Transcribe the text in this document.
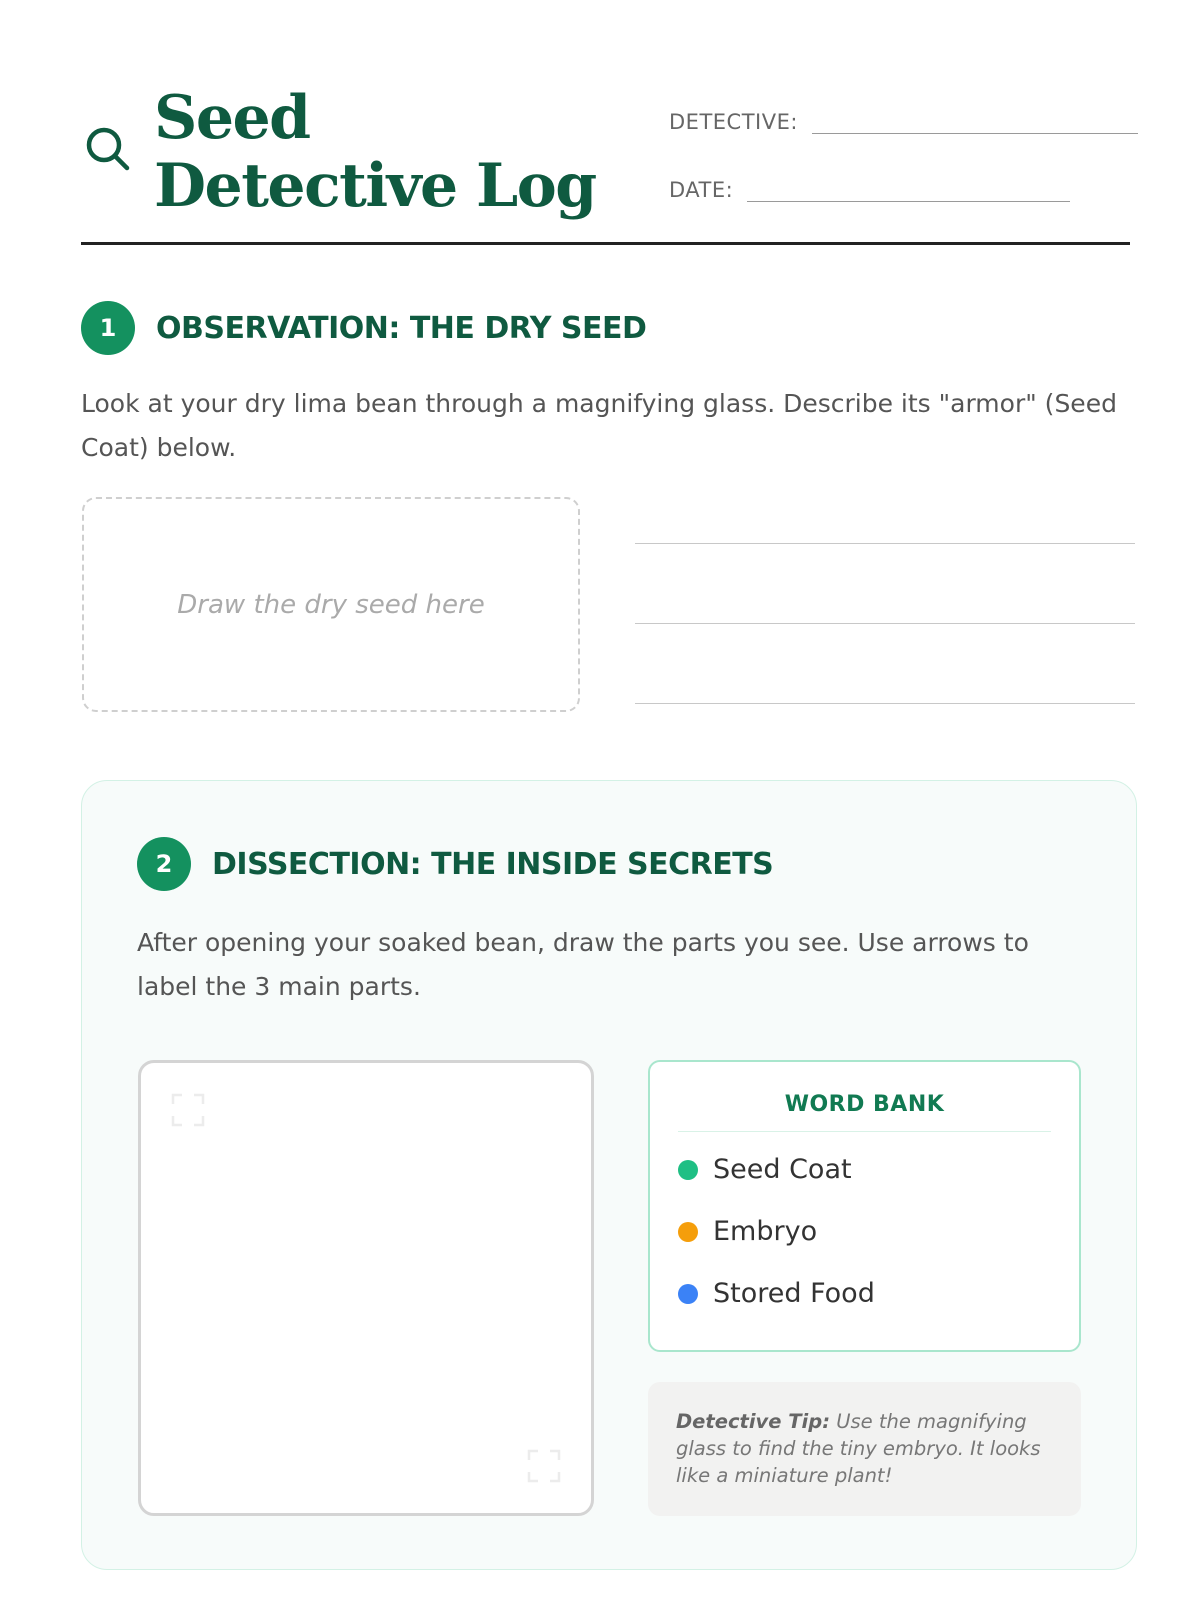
Seed Detective Log
DETECTIVE:
DATE:
1	OBSERVATION: THE DRY SEED

Look at your dry lima bean through a magnifying glass. Describe its "armor" (Seed Coat) below.

Draw the dry seed here
2	DISSECTION: THE INSIDE SECRETS

After opening your soaked bean, draw the parts you see. Use arrows to label the 3 main parts.

WORD BANK
Seed Coat
Embryo
Stored Food
Detective Tip: Use the magnifying glass to find the tiny embryo. It looks like a miniature plant!
